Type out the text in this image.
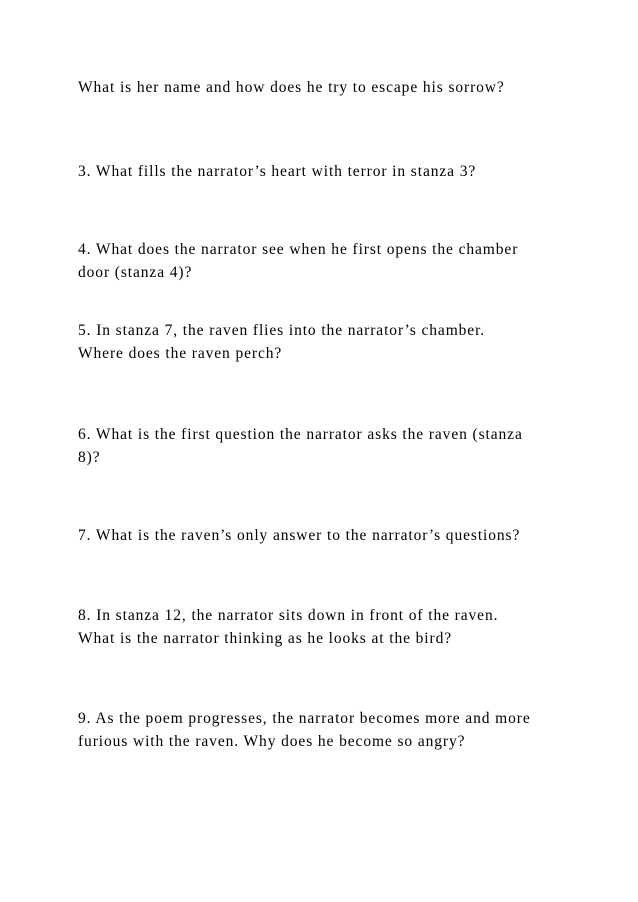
What is her name and how does he try to escape his sorrow?

3. What fills the narrator’s heart with terror in stanza 3?

4. What does the narrator see when he first opens the chamber

door (stanza 4)?

5. In stanza 7, the raven flies into the narrator’s chamber.

Where does the raven perch?

6. What is the first question the narrator asks the raven (stanza

8)?

7. What is the raven’s only answer to the narrator’s questions?

8. In stanza 12, the narrator sits down in front of the raven.

What is the narrator thinking as he looks at the bird?

9. As the poem progresses, the narrator becomes more and more

furious with the raven. Why does he become so angry?
